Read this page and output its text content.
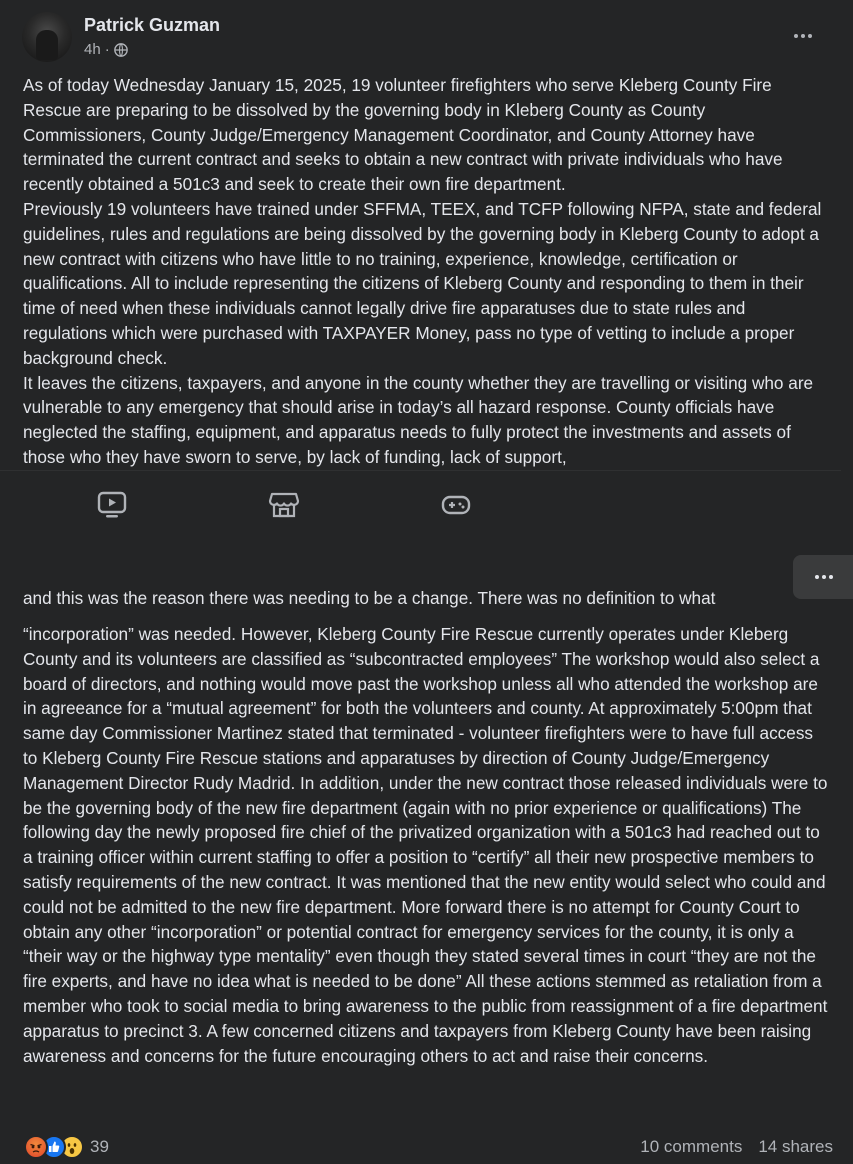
Patrick Guzman
4h ·

As of today Wednesday January 15, 2025, 19 volunteer firefighters who serve Kleberg County Fire Rescue are preparing to be dissolved by the governing body in Kleberg County as County Commissioners, County Judge/Emergency Management Coordinator, and County Attorney have terminated the current contract and seeks to obtain a new contract with private individuals who have recently obtained a 501c3 and seek to create their own fire department.

Previously 19 volunteers have trained under SFFMA, TEEX, and TCFP following NFPA, state and federal guidelines, rules and regulations are being dissolved by the governing body in Kleberg County to adopt a new contract with citizens who have little to no training, experience, knowledge, certification or qualifications. All to include representing the citizens of Kleberg County and responding to them in their time of need when these individuals cannot legally drive fire apparatuses due to state rules and regulations which were purchased with TAXPAYER Money, pass no type of vetting to include a proper background check.

It leaves the citizens, taxpayers, and anyone in the county whether they are travelling or visiting who are vulnerable to any emergency that should arise in today’s all hazard response. County officials have neglected the staffing, equipment, and apparatus needs to fully protect the investments and assets of those who they have sworn to serve, by lack of funding, lack of support,

and this was the reason there was needing to be a change. There was no definition to what
“incorporation” was needed. However, Kleberg County Fire Rescue currently operates under Kleberg County and its volunteers are classified as “subcontracted employees” The workshop would also select a board of directors, and nothing would move past the workshop unless all who attended the workshop are in agreeance for a “mutual agreement” for both the volunteers and county. At approximately 5:00pm that same day Commissioner Martinez stated that terminated - volunteer firefighters were to have full access to Kleberg County Fire Rescue stations and apparatuses by direction of County Judge/Emergency Management Director Rudy Madrid. In addition, under the new contract those released individuals were to be the governing body of the new fire department (again with no prior experience or qualifications) The following day the newly proposed fire chief of the privatized organization with a 501c3 had reached out to a training officer within current staffing to offer a position to “certify” all their new prospective members to satisfy requirements of the new contract. It was mentioned that the new entity would select who could and could not be admitted to the new fire department. More forward there is no attempt for County Court to obtain any other “incorporation” or potential contract for emergency services for the county, it is only a “their way or the highway type mentality” even though they stated several times in court “they are not the fire experts, and have no idea what is needed to be done” All these actions stemmed as retaliation from a member who took to social media to bring awareness to the public from reassignment of a fire department apparatus to precinct 3. A few concerned citizens and taxpayers from Kleberg County have been raising awareness and concerns for the future encouraging others to act and raise their concerns.
39	10 comments 14 shares
